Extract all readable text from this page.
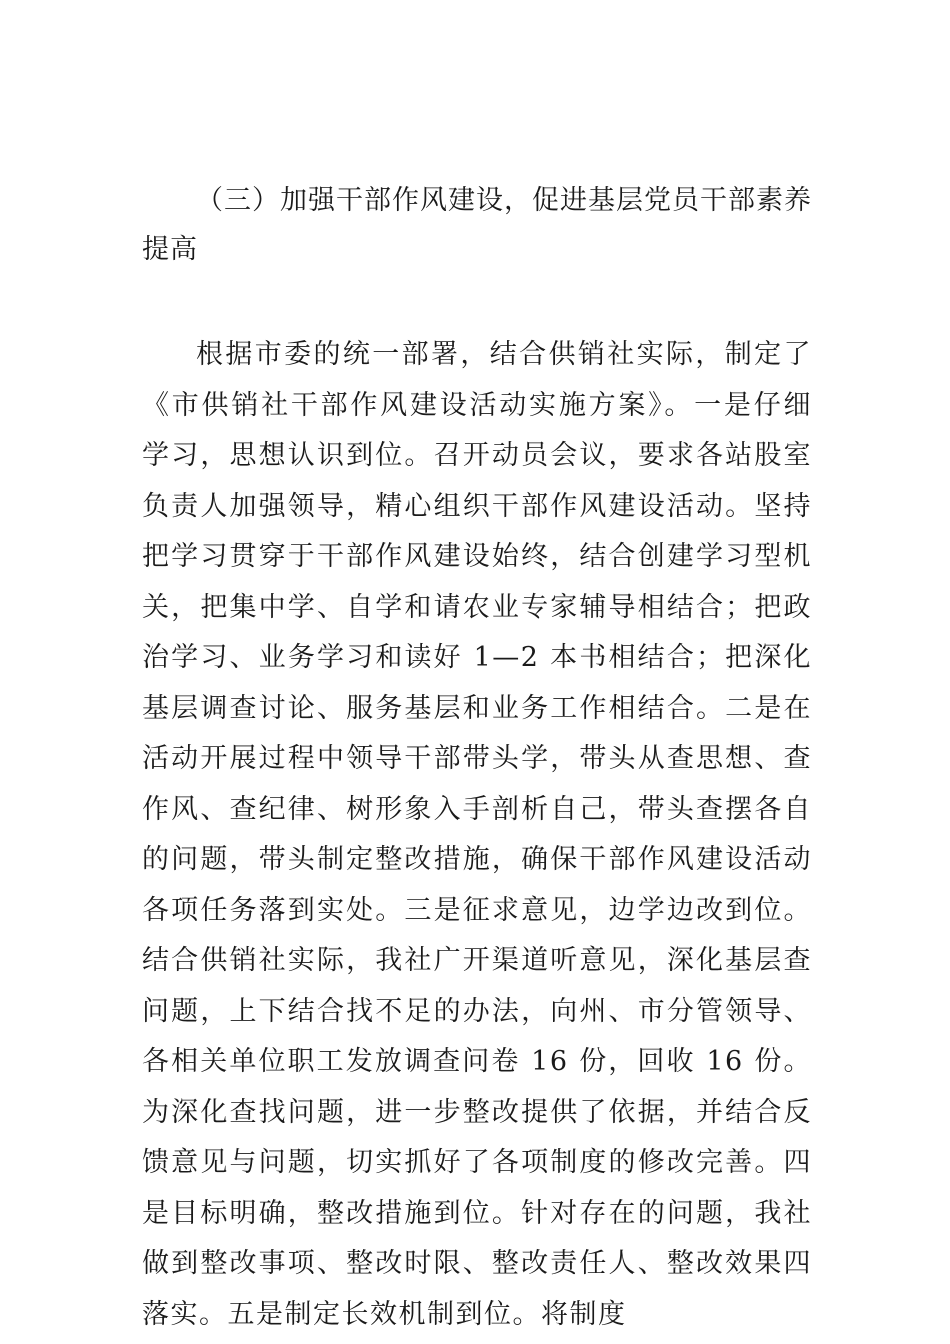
（三）加强干部作风建设，促进基层党员干部素养提高

根据市委的统一部署，结合供销社实际，制定了《市供销社干部作风建设活动实施方案》。一是仔细学习，思想认识到位。召开动员会议，要求各站股室负责人加强领导，精心组织干部作风建设活动。坚持把学习贯穿于干部作风建设始终，结合创建学习型机关，把集中学、自学和请农业专家辅导相结合；把政治学习、业务学习和读好 1—2 本书相结合；把深化基层调查讨论、服务基层和业务工作相结合。二是在活动开展过程中领导干部带头学，带头从查思想、查作风、查纪律、树形象入手剖析自己，带头查摆各自的问题，带头制定整改措施，确保干部作风建设活动各项任务落到实处。三是征求意见，边学边改到位。结合供销社实际，我社广开渠道听意见，深化基层查问题，上下结合找不足的办法，向州、市分管领导、各相关单位职工发放调查问卷 16 份，回收 16 份。为深化查找问题，进一步整改提供了依据，并结合反馈意见与问题，切实抓好了各项制度的修改完善。四是目标明确，整改措施到位。针对存在的问题，我社做到整改事项、整改时限、整改责任人、整改效果四落实。五是制定长效机制到位。将制度
